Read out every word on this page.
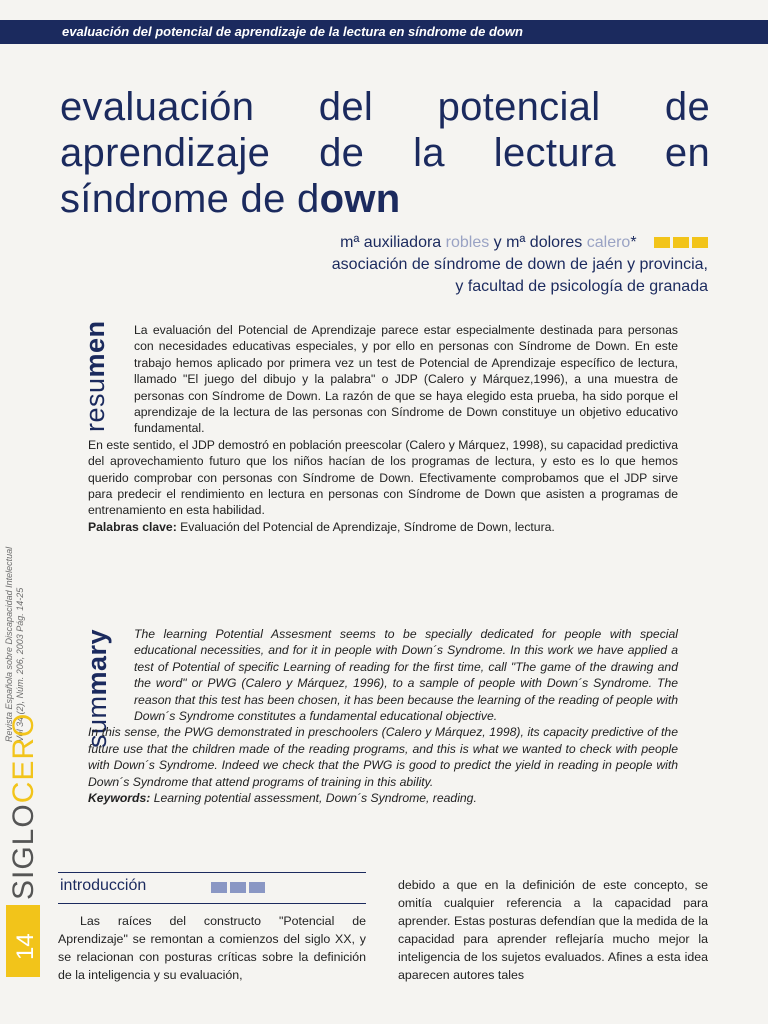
evaluación del potencial de aprendizaje de la lectura en síndrome de down
evaluación del potencial de aprendizaje de la lectura en síndrome de down
mª auxiliadora robles y mª dolores calero*
asociación de síndrome de down de jaén y provincia,
y facultad de psicología de granada
resumen	La evaluación del Potencial de Aprendizaje parece estar especialmente destinada para personas con necesidades educativas especiales, y por ello en personas con Síndrome de Down. En este trabajo hemos aplicado por primera vez un test de Potencial de Aprendizaje específico de lectura, llamado "El juego del dibujo y la palabra" o JDP (Calero y Márquez,1996), a una muestra de personas con Síndrome de Down. La razón de que se haya elegido esta prueba, ha sido porque el aprendizaje de la lectura de las personas con Síndrome de Down constituye un objetivo educativo fundamental.

En este sentido, el JDP demostró en población preescolar (Calero y Márquez, 1998), su capacidad predictiva del aprovechamiento futuro que los niños hacían de los programas de lectura, y esto es lo que hemos querido comprobar con personas con Síndrome de Down. Efectivamente comprobamos que el JDP sirve para predecir el rendimiento en lectura en personas con Síndrome de Down que asisten a programas de entrenamiento en esta habilidad.

Palabras clave: Evaluación del Potencial de Aprendizaje, Síndrome de Down, lectura.

summary	The learning Potential Assesment seems to be specially dedicated for people with special educational necessities, and for it in people with Down´s Syndrome. In this work we have applied a test of Potential of specific Learning of reading for the first time, call "The game of the drawing and the word" or PWG (Calero y Márquez, 1996), to a sample of people with Down´s Syndrome. The reason that this test has been chosen, it has been because the learning of the reading of people with Down´s Syndrome constitutes a fundamental educational objective.

In this sense, the PWG demonstrated in preschoolers (Calero y Márquez, 1998), its capacity predictive of the future use that the children made of the reading programs, and this is what we wanted to check with people with Down´s Syndrome. Indeed we check that the PWG is good to predict the yield in reading in people with Down´s Syndrome that attend programs of training in this ability.

Keywords: Learning potential assessment, Down´s Syndrome, reading.

Revista Española sobre Discapacidad Intelectual Vol 34 (2), Núm. 206, 2003 Pág. 14-25
SIGLOCERO
14
introducción

Las raíces del constructo "Potencial de Aprendizaje" se remontan a comienzos del siglo XX, y se relacionan con posturas críticas sobre la definición de la inteligencia y su evaluación,

debido a que en la definición de este concepto, se omitía cualquier referencia a la capacidad para aprender. Estas posturas defendían que la medida de la capacidad para aprender reflejaría mucho mejor la inteligencia de los sujetos evaluados. Afines a esta idea aparecen autores tales
